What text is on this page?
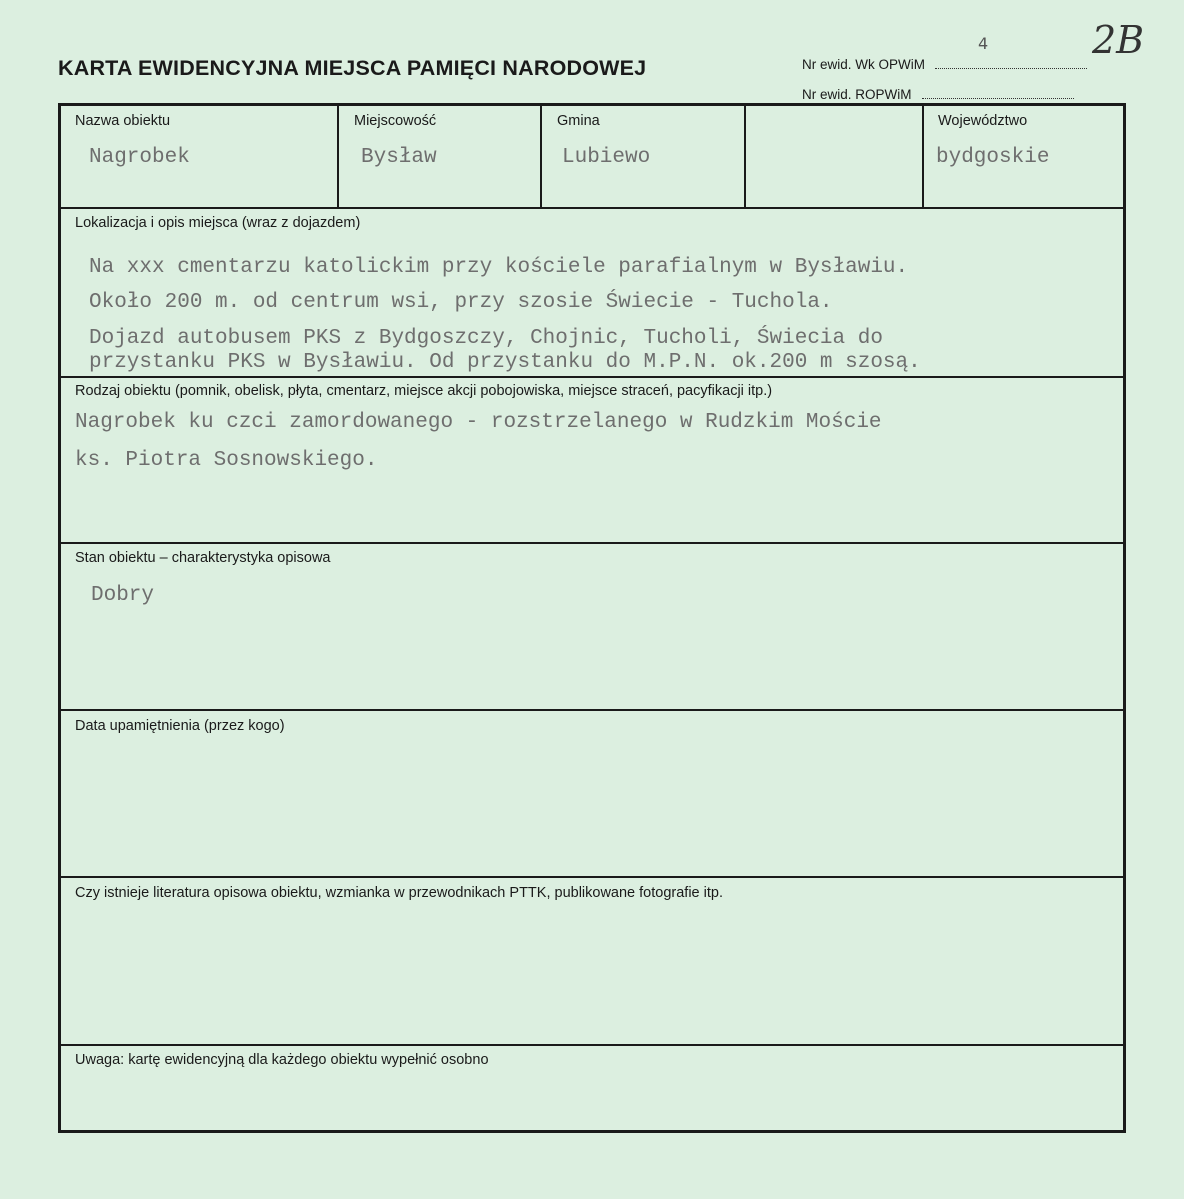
KARTA EWIDENCYJNA MIEJSCA PAMIĘCI NARODOWEJ
4	2B
Nr ewid. Wk OPWiM
Nr ewid. ROPWiM
Nazwa obiektu
Nagrobek
Miejscowość
Bysław
Gmina
Lubiewo
Województwo
bydgoskie
Lokalizacja i opis miejsca (wraz z dojazdem)
Na xxx cmentarzu katolickim przy kościele parafialnym w Bysławiu.
Około 200 m. od centrum wsi, przy szosie Świecie - Tuchola.
Dojazd autobusem PKS z Bydgoszczy, Chojnic, Tucholi, Świecia do
przystanku PKS w Bysławiu. Od przystanku do M.P.N. ok.200 m szosą.
Rodzaj obiektu (pomnik, obelisk, płyta, cmentarz, miejsce akcji pobojowiska, miejsce straceń, pacyfikacji itp.)
Nagrobek ku czci zamordowanego - rozstrzelanego w Rudzkim Moście
ks. Piotra Sosnowskiego.
Stan obiektu – charakterystyka opisowa
Dobry
Data upamiętnienia (przez kogo)
Czy istnieje literatura opisowa obiektu, wzmianka w przewodnikach PTTK, publikowane fotografie itp.
Uwaga: kartę ewidencyjną dla każdego obiektu wypełnić osobno
